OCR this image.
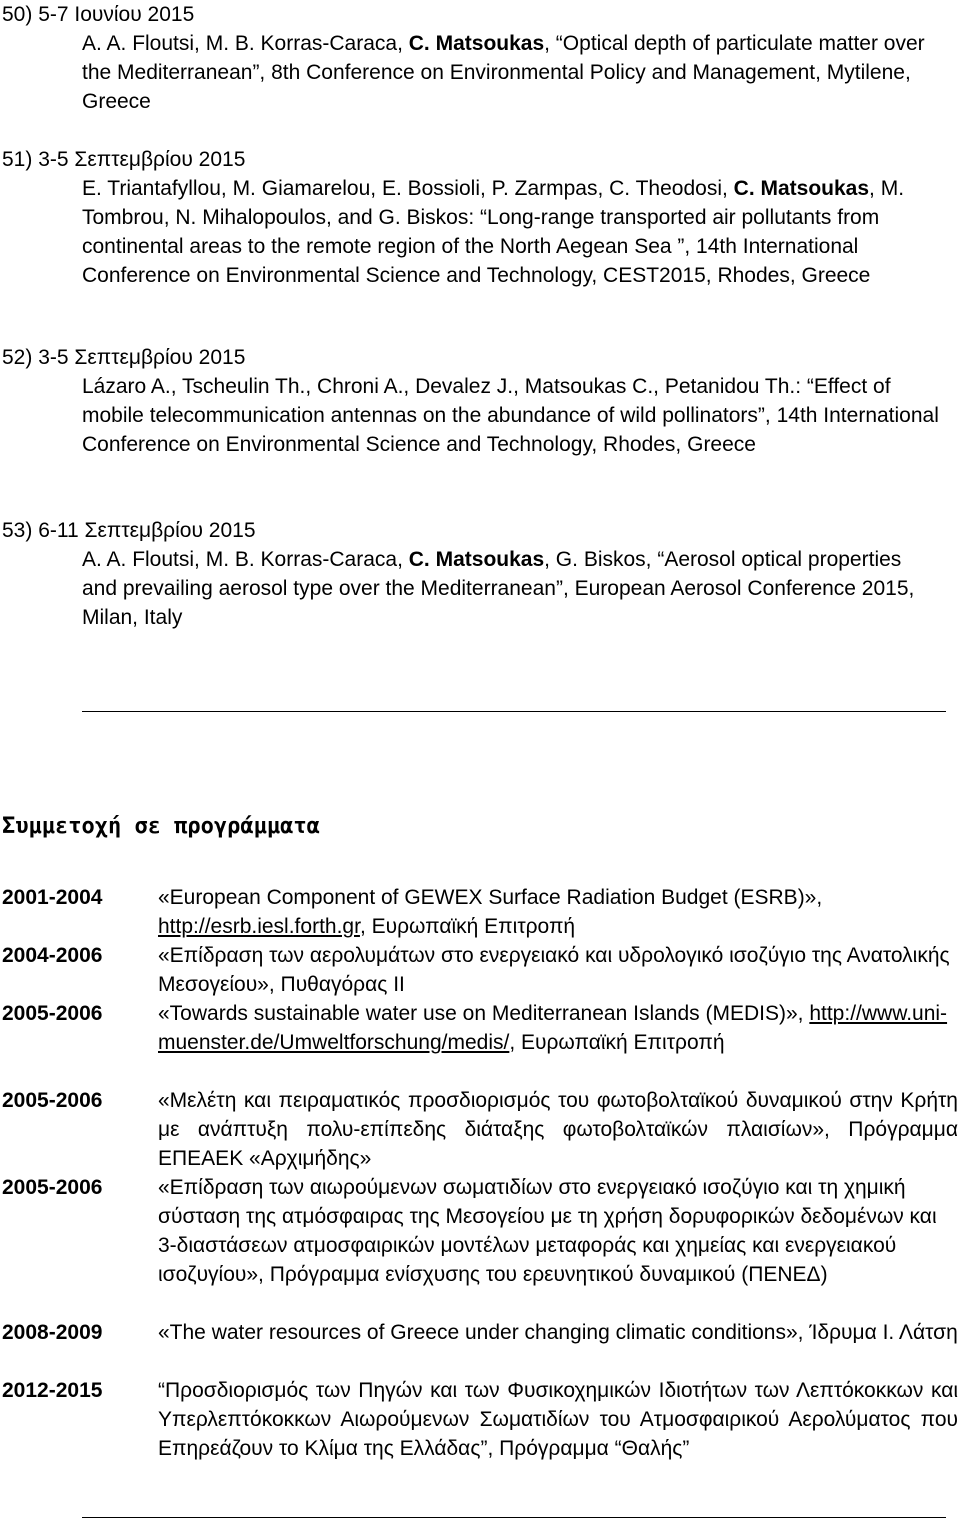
50) 5-7 Ιουνίου 2015
A. A. Floutsi, M. B. Korras-Caraca, C. Matsoukas, “Optical depth of particulate matter over the Mediterranean”, 8th Conference on Environmental Policy and Management, Mytilene, Greece
51) 3-5 Σεπτεμβρίου 2015
E. Triantafyllou, M. Giamarelou, E. Bossioli, P. Zarmpas, C. Theodosi, C. Matsoukas, M. Tombrou, N. Mihalopoulos, and G. Biskos: “Long-range transported air pollutants from continental areas to the remote region of the North Aegean Sea ”, 14th International Conference on Environmental Science and Technology, CEST2015, Rhodes, Greece
52) 3-5 Σεπτεμβρίου 2015
Lázaro A., Tscheulin Th., Chroni A., Devalez J., Matsoukas C., Petanidou Th.: “Effect of mobile telecommunication antennas on the abundance of wild pollinators”, 14th International Conference on Environmental Science and Technology, Rhodes, Greece
53) 6-11 Σεπτεμβρίου 2015
A. A. Floutsi, M. B. Korras-Caraca, C. Matsoukas, G. Biskos, “Aerosol optical properties and prevailing aerosol type over the Mediterranean”, European Aerosol Conference 2015, Milan, Italy
Συμμετοχή σε προγράμματα
2001-2004	«European Component of GEWEX Surface Radiation Budget (ESRB)», http://esrb.iesl.forth.gr, Ευρωπαϊκή Επιτροπή
2004-2006	«Επίδραση των αερολυμάτων στο ενεργειακό και υδρολογικό ισοζύγιο της Ανατολικής Μεσογείου», Πυθαγόρας ΙΙ
2005-2006	«Towards sustainable water use on Mediterranean Islands (MEDIS)», http://www.uni-muenster.de/Umweltforschung/medis/, Ευρωπαϊκή Επιτροπή
2005-2006	«Μελέτη και πειραματικός προσδιορισμός του φωτοβολταϊκού δυναμικού στην Κρήτη με ανάπτυξη πολυ-επίπεδης διάταξης φωτοβολταϊκών πλαισίων», Πρόγραμμα ΕΠΕΑΕΚ «Αρχιμήδης»
2005-2006	«Επίδραση των αιωρούμενων σωματιδίων στο ενεργειακό ισοζύγιο και τη χημική σύσταση της ατμόσφαιρας της Μεσογείου με τη χρήση δορυφορικών δεδομένων και 3-διαστάσεων ατμοσφαιρικών μοντέλων μεταφοράς και χημείας και ενεργειακού ισοζυγίου», Πρόγραμμα ενίσχυσης του ερευνητικού δυναμικού (ΠΕΝΕΔ)
2008-2009	«The water resources of Greece under changing climatic conditions», Ίδρυμα Ι. Λάτση
2012-2015	“Προσδιορισμός των Πηγών και των Φυσικοχημικών Ιδιοτήτων των Λεπτόκοκκων και Υπερλεπτόκοκκων Αιωρούμενων Σωματιδίων του Ατμοσφαιρικού Αερολύματος που Επηρεάζουν το Κλίμα της Ελλάδας”, Πρόγραμμα “Θαλής”
